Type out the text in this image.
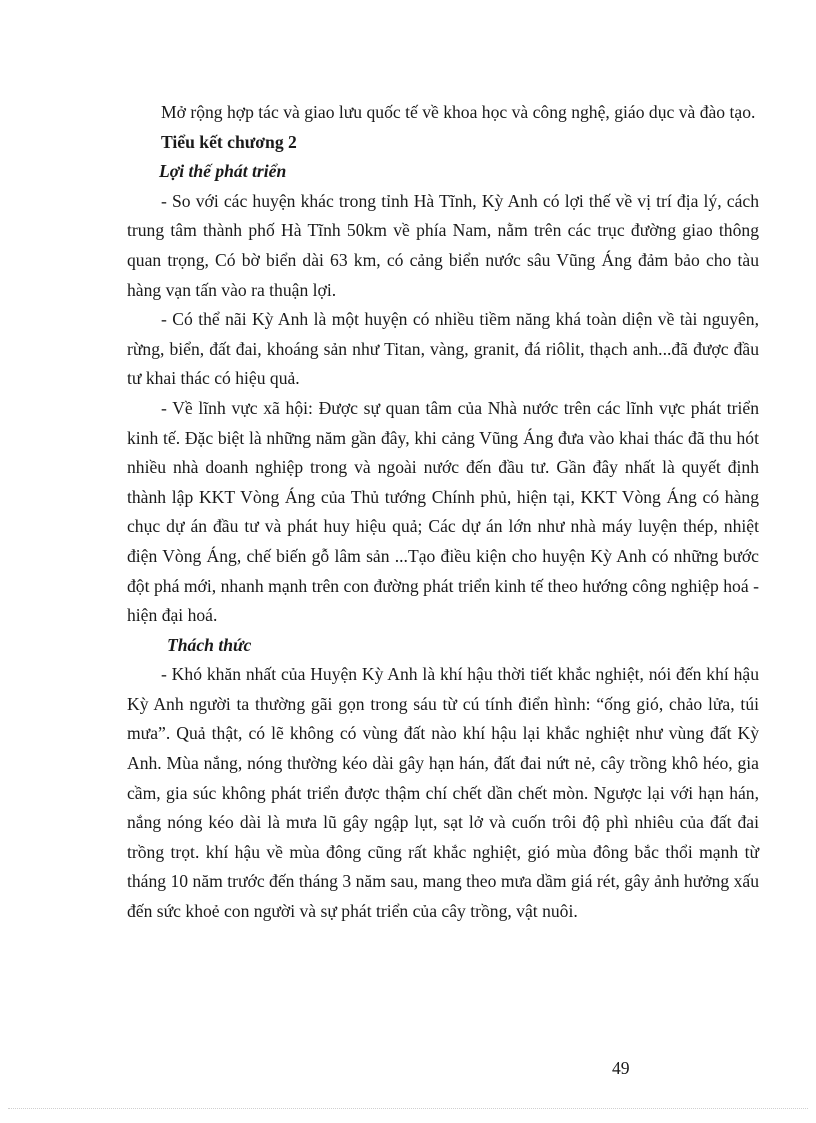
Mở rộng hợp tác và giao lưu quốc tế về khoa học và công nghệ, giáo dục và đào tạo.

Tiểu kết chương 2

Lợi thế phát triển

- So với các huyện khác trong tỉnh Hà Tĩnh, Kỳ Anh có lợi thế về vị trí địa lý, cách trung tâm thành phố Hà Tĩnh 50km về phía Nam, nằm trên các trục đường giao thông quan trọng, Có bờ biển dài 63 km, có cảng biển nước sâu Vũng Áng đảm bảo cho tàu hàng vạn tấn vào ra thuận lợi.

- Có thể nãi Kỳ Anh là một huyện có nhiều tiềm năng khá toàn diện về tài nguyên, rừng, biển, đất đai, khoáng sản như Titan, vàng, granit, đá riôlit, thạch anh...đã được đầu tư khai thác có hiệu quả.

- Về lĩnh vực xã hội: Được sự quan tâm của Nhà nước trên các lĩnh vực phát triển kinh tế. Đặc biệt là những năm gần đây, khi cảng Vũng Áng đưa vào khai thác đã thu hót nhiều nhà doanh nghiệp trong và ngoài nước đến đầu tư. Gần đây nhất là quyết định thành lập KKT Vòng Áng của Thủ tướng Chính phủ, hiện tại, KKT Vòng Áng có hàng chục dự án đầu tư và phát huy hiệu quả; Các dự án lớn như nhà máy luyện thép, nhiệt điện Vòng Áng, chế biến gỗ lâm sản ...Tạo điều kiện cho huyện Kỳ Anh có những bước đột phá mới, nhanh mạnh trên con đường phát triển kinh tế theo hướng công nghiệp hoá - hiện đại hoá.

Thách thức

- Khó khăn nhất của Huyện Kỳ Anh là khí hậu thời tiết khắc nghiệt, nói đến khí hậu Kỳ Anh người ta thường gãi gọn trong sáu từ cú tính điển hình: “ống gió, chảo lửa, túi mưa”. Quả thật, có lẽ không có vùng đất nào khí hậu lại khắc nghiệt như vùng đất Kỳ Anh. Mùa nắng, nóng thường kéo dài gây hạn hán, đất đai nứt nẻ, cây trồng khô héo, gia cầm, gia súc không phát triển được thậm chí chết dần chết mòn. Ngược lại với hạn hán, nắng nóng kéo dài là mưa lũ gây ngập lụt, sạt lở và cuốn trôi độ phì nhiêu của đất đai trồng trọt. khí hậu về mùa đông cũng rất khắc nghiệt, gió mùa đông bắc thổi mạnh từ tháng 10 năm trước đến tháng 3 năm sau, mang theo mưa dầm giá rét, gây ảnh hưởng xấu đến sức khoẻ con người và sự phát triển của cây trồng, vật nuôi.

49
